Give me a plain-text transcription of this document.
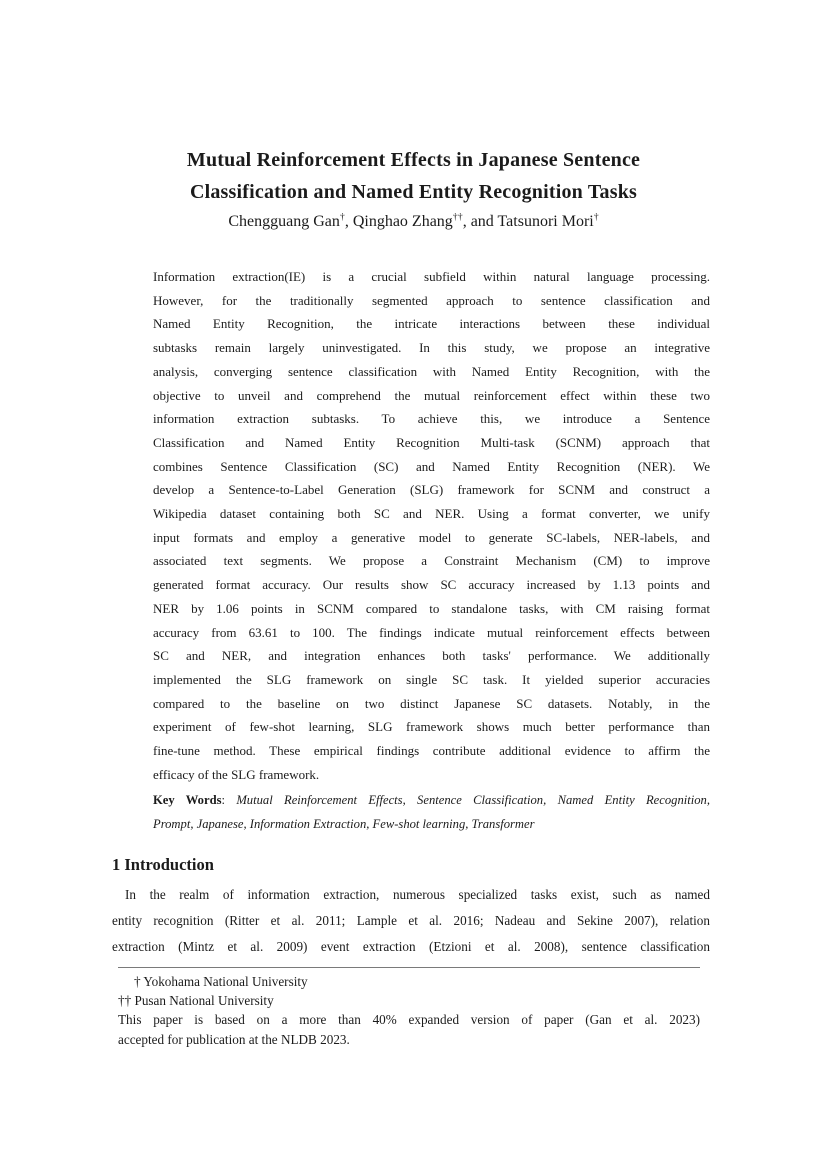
Mutual Reinforcement Effects in Japanese Sentence
Classification and Named Entity Recognition Tasks
Chengguang Gan†, Qinghao Zhang††, and Tatsunori Mori†
Information extraction(IE) is a crucial subfield within natural language processing.
However, for the traditionally segmented approach to sentence classification and
Named Entity Recognition, the intricate interactions between these individual
subtasks remain largely uninvestigated. In this study, we propose an integrative
analysis, converging sentence classification with Named Entity Recognition, with the
objective to unveil and comprehend the mutual reinforcement effect within these two
information extraction subtasks. To achieve this, we introduce a Sentence
Classification and Named Entity Recognition Multi-task (SCNM) approach that
combines Sentence Classification (SC) and Named Entity Recognition (NER). We
develop a Sentence-to-Label Generation (SLG) framework for SCNM and construct a
Wikipedia dataset containing both SC and NER. Using a format converter, we unify
input formats and employ a generative model to generate SC-labels, NER-labels, and
associated text segments. We propose a Constraint Mechanism (CM) to improve
generated format accuracy. Our results show SC accuracy increased by 1.13 points and
NER by 1.06 points in SCNM compared to standalone tasks, with CM raising format
accuracy from 63.61 to 100. The findings indicate mutual reinforcement effects between
SC and NER, and integration enhances both tasks' performance. We additionally
implemented the SLG framework on single SC task. It yielded superior accuracies
compared to the baseline on two distinct Japanese SC datasets. Notably, in the
experiment of few-shot learning, SLG framework shows much better performance than
fine-tune method. These empirical findings contribute additional evidence to affirm the
efficacy of the SLG framework.
Key Words: Mutual Reinforcement Effects, Sentence Classification, Named Entity Recognition,
Prompt, Japanese, Information Extraction, Few-shot learning, Transformer
1 Introduction
In the realm of information extraction, numerous specialized tasks exist, such as named
entity recognition (Ritter et al. 2011; Lample et al. 2016; Nadeau and Sekine 2007), relation
extraction (Mintz et al. 2009) event extraction (Etzioni et al. 2008), sentence classification
† Yokohama National University
†† Pusan National University
This paper is based on a more than 40% expanded version of paper (Gan et al. 2023)
accepted for publication at the NLDB 2023.
